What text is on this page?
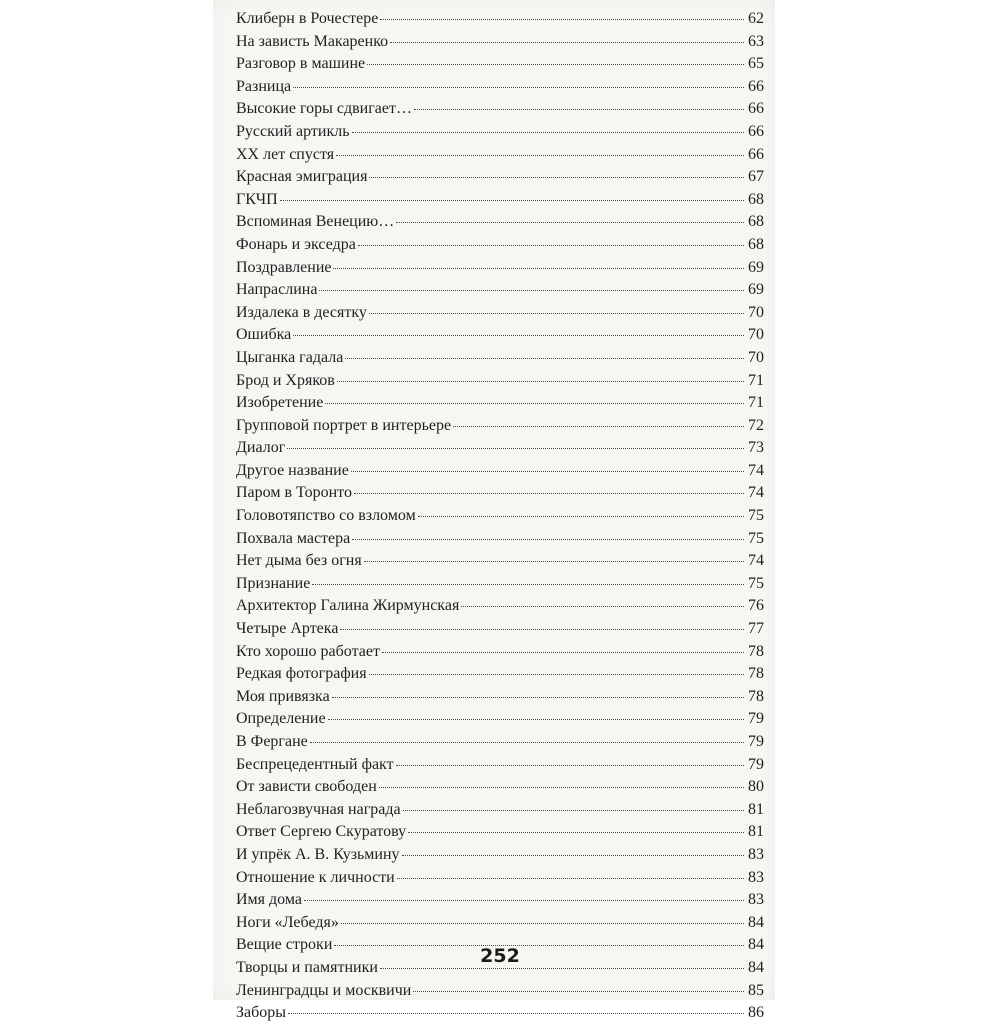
Клиберн в Рочестере	62
На зависть Макаренко	63
Разговор в машине	65
Разница	66
Высокие горы сдвигает…	66
Русский артикль	66
XX лет спустя	66
Красная эмиграция	67
ГКЧП	68
Вспоминая Венецию…	68
Фонарь и экседра	68
Поздравление	69
Напраслина	69
Издалека в десятку	70
Ошибка	70
Цыганка гадала	70
Брод и Хряков	71
Изобретение	71
Групповой портрет в интерьере	72
Диалог	73
Другое название	74
Паром в Торонто	74
Головотяпство со взломом	75
Похвала мастера	75
Нет дыма без огня	74
Признание	75
Архитектор Галина Жирмунская	76
Четыре Артека	77
Кто хорошо работает	78
Редкая фотография	78
Моя привязка	78
Определение	79
В Фергане	79
Беспрецедентный факт	79
От зависти свободен	80
Неблагозвучная награда	81
Ответ Сергею Скуратову	81
И упрёк А. В. Кузьмину	83
Отношение к личности	83
Имя дома	83
Ноги «Лебедя»	84
Вещие строки	84
Творцы и памятники	84
Ленинградцы и москвичи	85
Заборы	86
252
